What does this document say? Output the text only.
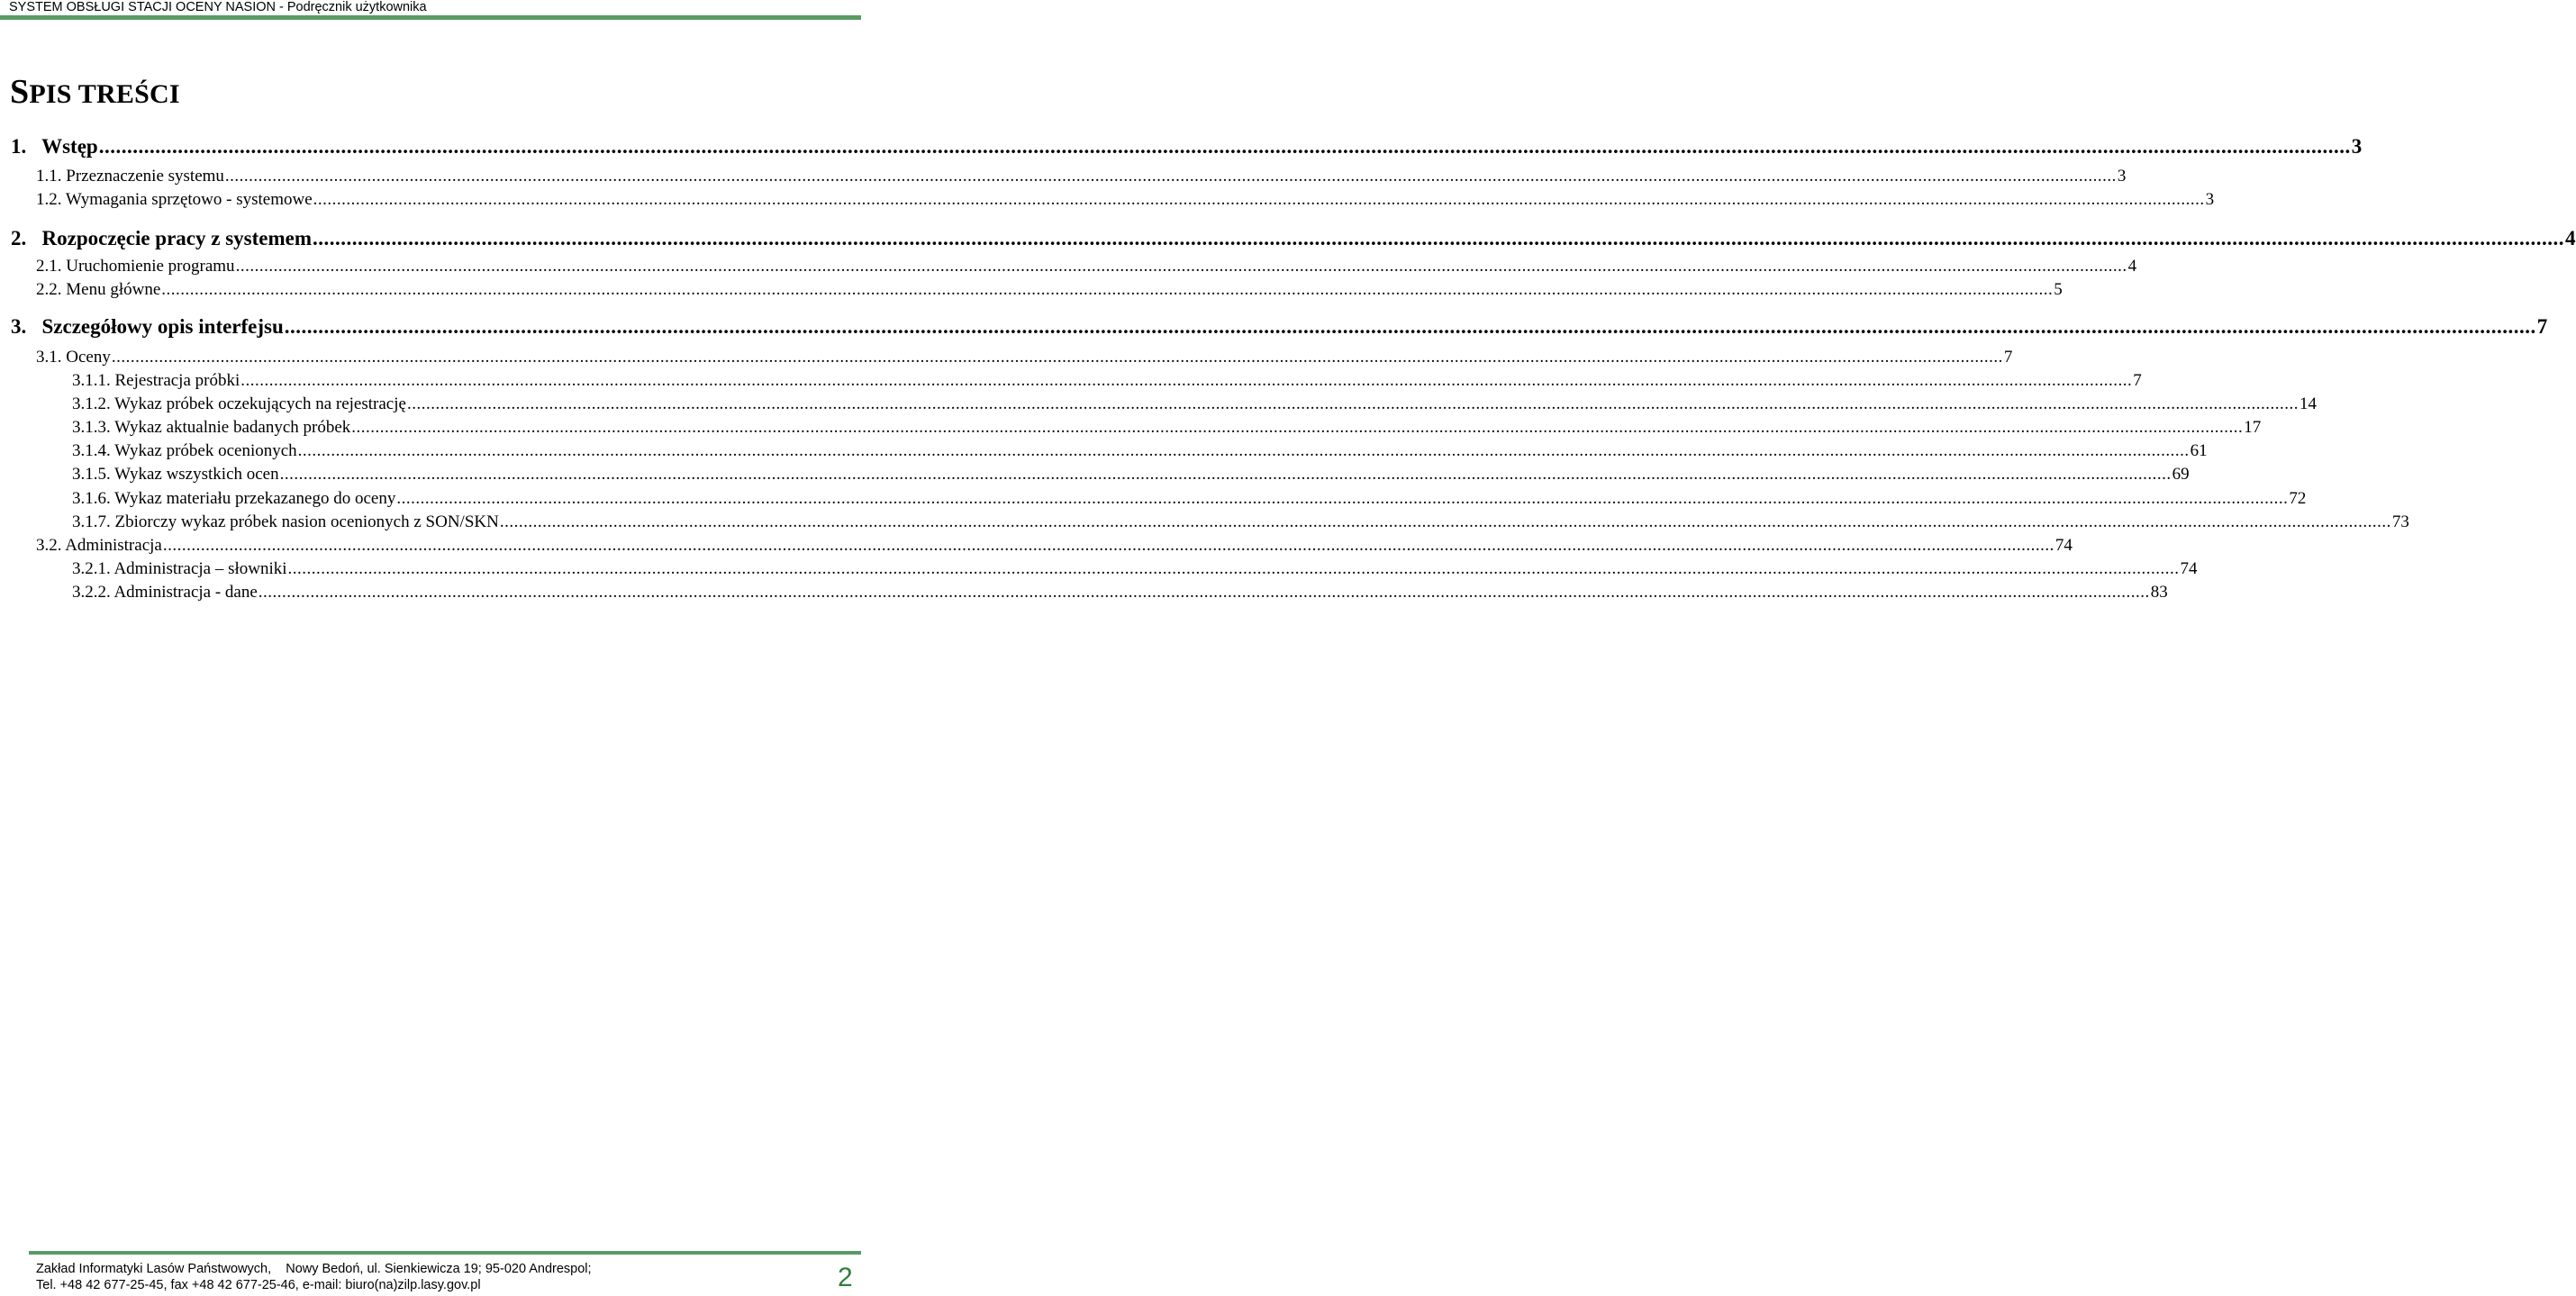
SYSTEM OBSŁUGI STACJI OCENY NASION - Podręcznik użytkownika
SPIS TREŚCI
1.   Wstęp ................................................................................................................................................................................................................................................................................................................................................................................................................ 3
1.1. Przeznaczenie systemu ................................................................................................................................................................................................................................................................................................................................................................................................................ 3
1.2. Wymagania sprzętowo - systemowe ................................................................................................................................................................................................................................................................................................................................................................................................................ 3
2.   Rozpoczęcie pracy z systemem ................................................................................................................................................................................................................................................................................................................................................................................................................ 4
2.1. Uruchomienie programu ................................................................................................................................................................................................................................................................................................................................................................................................................ 4
2.2. Menu główne ................................................................................................................................................................................................................................................................................................................................................................................................................ 5
3.   Szczegółowy opis interfejsu ................................................................................................................................................................................................................................................................................................................................................................................................................ 7
3.1. Oceny ................................................................................................................................................................................................................................................................................................................................................................................................................ 7
3.1.1. Rejestracja próbki ................................................................................................................................................................................................................................................................................................................................................................................................................ 7
3.1.2. Wykaz próbek oczekujących na rejestrację ................................................................................................................................................................................................................................................................................................................................................................................................................ 14
3.1.3. Wykaz aktualnie badanych próbek ................................................................................................................................................................................................................................................................................................................................................................................................................ 17
3.1.4. Wykaz próbek ocenionych ................................................................................................................................................................................................................................................................................................................................................................................................................ 61
3.1.5. Wykaz wszystkich ocen ................................................................................................................................................................................................................................................................................................................................................................................................................ 69
3.1.6. Wykaz materiału przekazanego do oceny ................................................................................................................................................................................................................................................................................................................................................................................................................ 72
3.1.7. Zbiorczy wykaz próbek nasion ocenionych z SON/SKN ................................................................................................................................................................................................................................................................................................................................................................................................................ 73
3.2. Administracja ................................................................................................................................................................................................................................................................................................................................................................................................................ 74
3.2.1. Administracja – słowniki ................................................................................................................................................................................................................................................................................................................................................................................................................ 74
3.2.2. Administracja - dane ................................................................................................................................................................................................................................................................................................................................................................................................................ 83
Zakład Informatyki Lasów Państwowych,    Nowy Bedoń, ul. Sienkiewicza 19; 95-020 Andrespol;
Tel. +48 42 677-25-45, fax +48 42 677-25-46, e-mail: biuro(na)zilp.lasy.gov.pl	2
